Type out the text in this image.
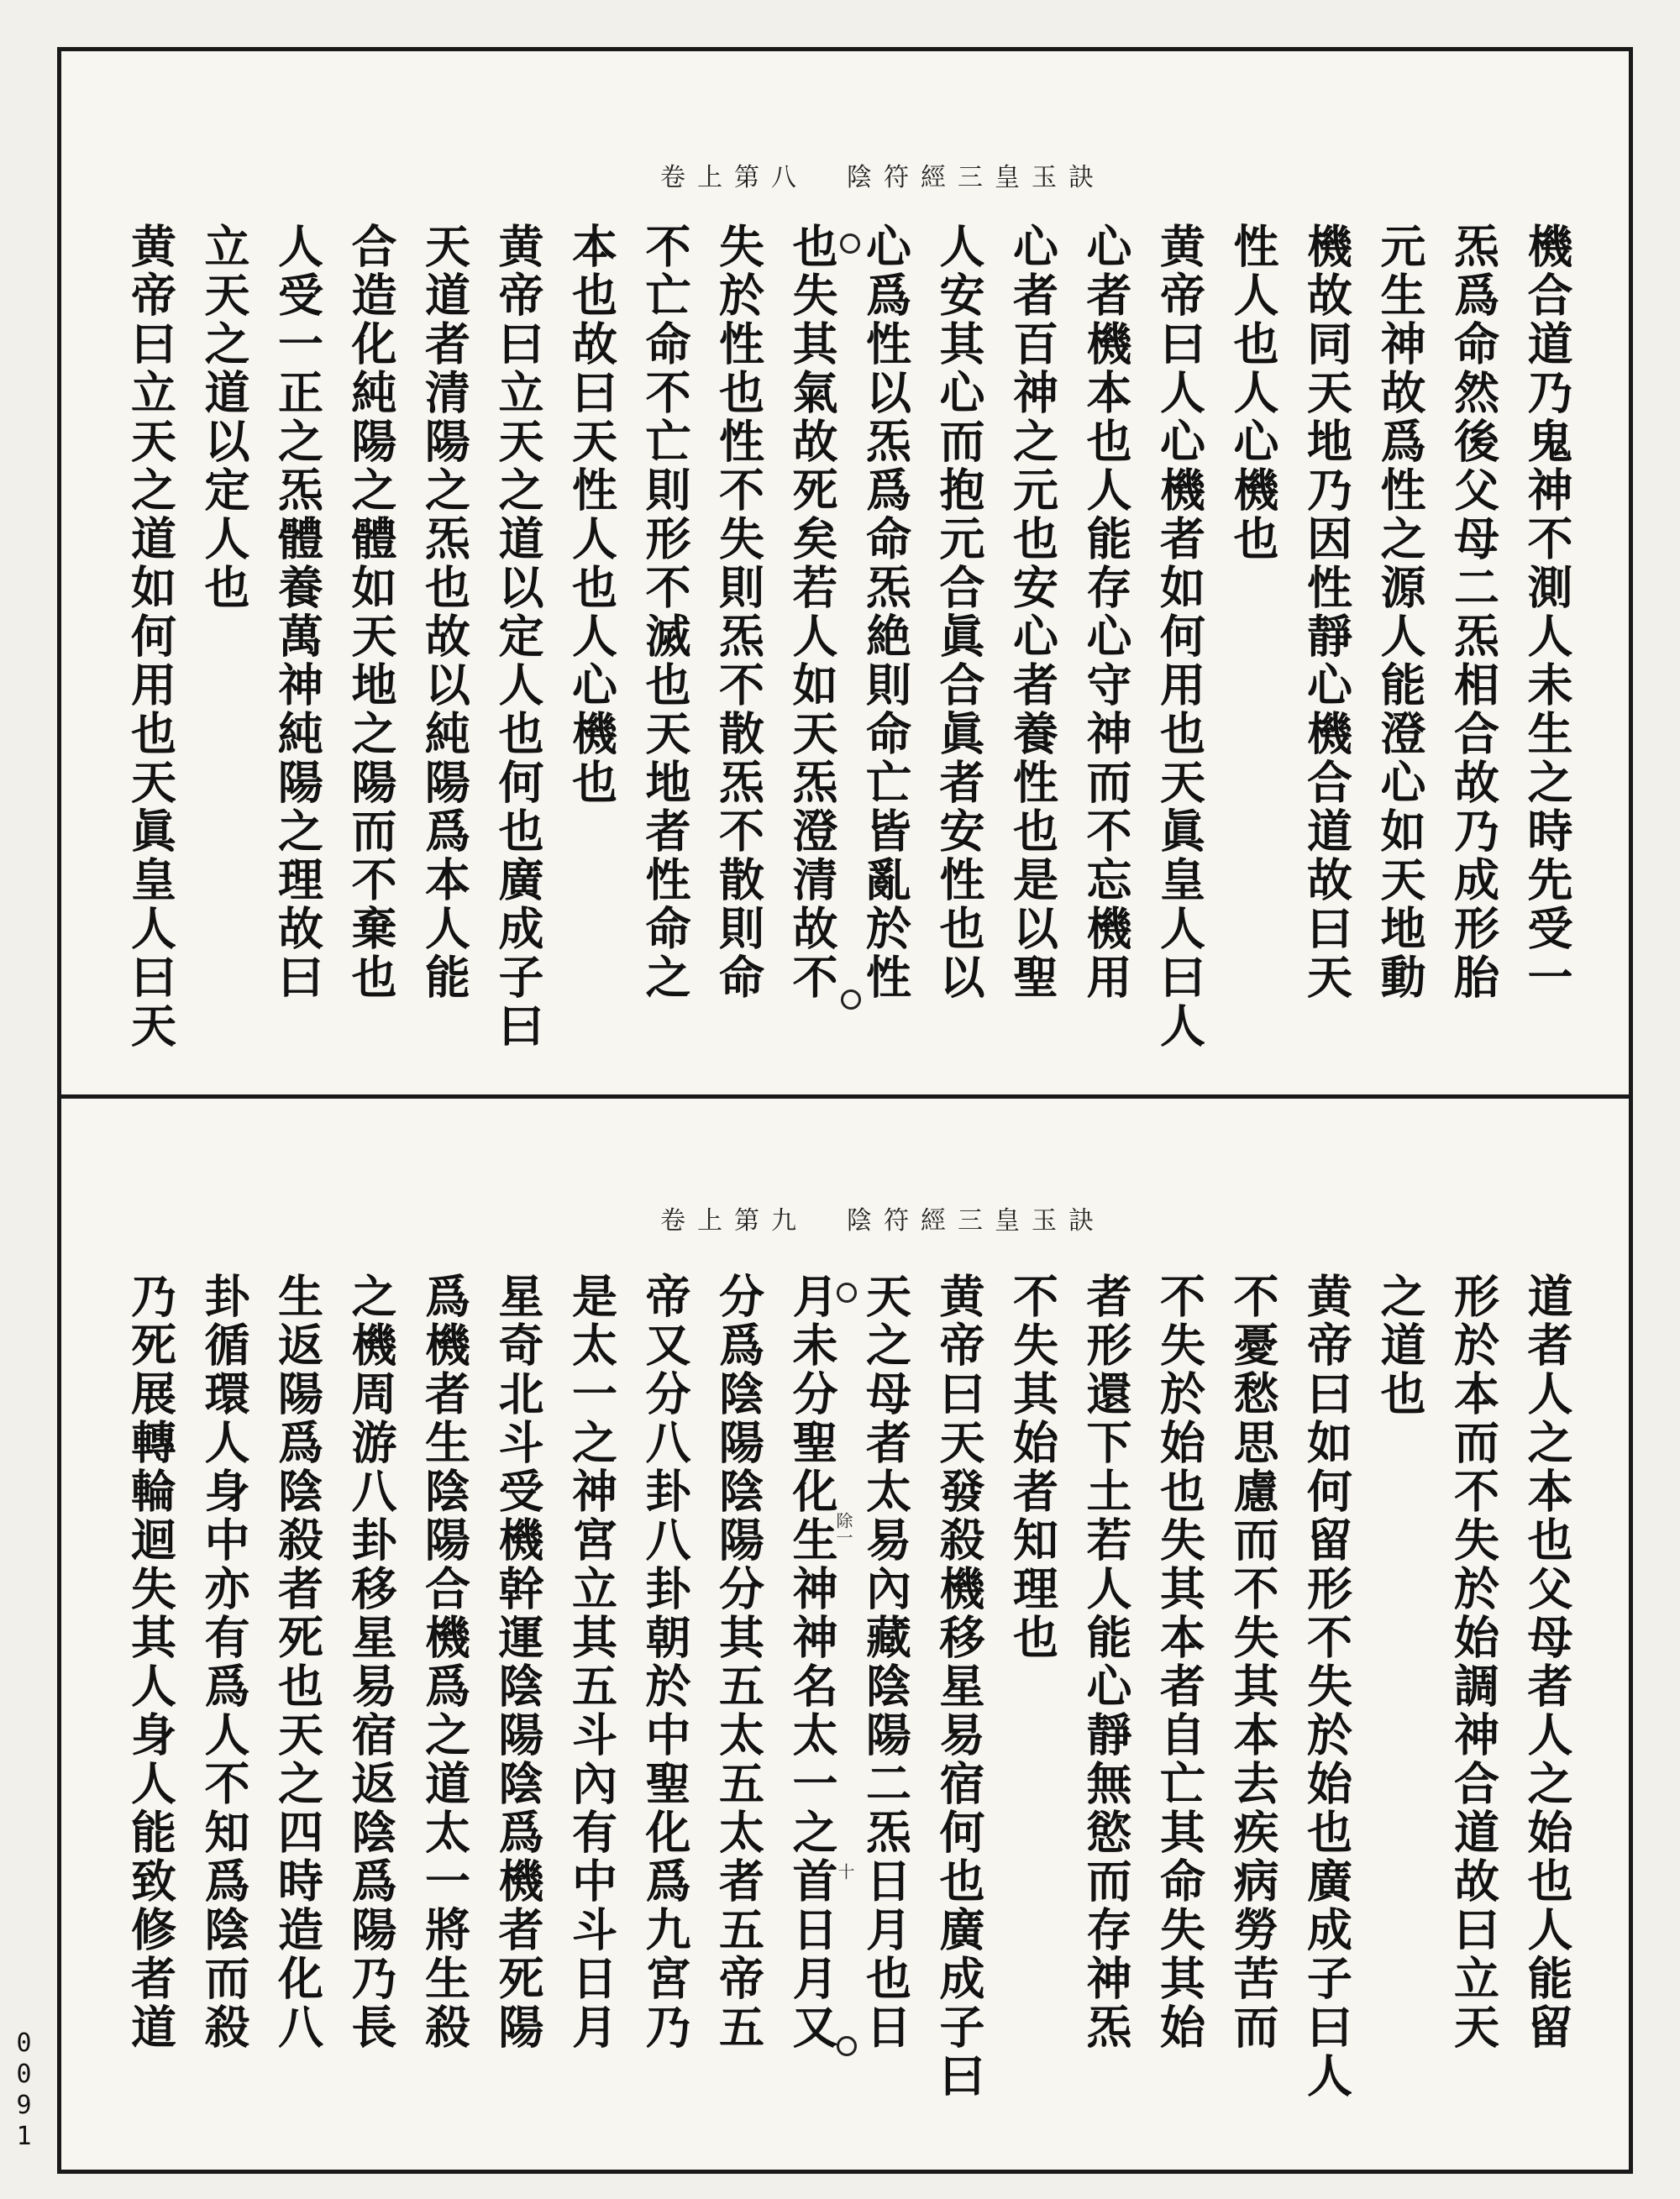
卷上第八 陰符經三皇玉訣
機合道乃鬼神不測人未生之時先受一
炁爲命然後父母二炁相合故乃成形胎
元生神故爲性之源人能澄心如天地動
機故同天地乃因性靜心機合道故曰天
性人也人心機也
黄帝曰人心機者如何用也天眞皇人曰人
心者機本也人能存心守神而不忘機用
心者百神之元也安心者養性也是以聖
人安其心而抱元合眞合眞者安性也以
心爲性以炁爲命炁絶則命亡皆亂於性
也失其氣故死矣若人如天炁澄清故不
失於性也性不失則炁不散炁不散則命
不亡命不亡則形不滅也天地者性命之
本也故曰天性人也人心機也
黄帝曰立天之道以定人也何也廣成子曰
天道者清陽之炁也故以純陽爲本人能
合造化純陽之體如天地之陽而不棄也
人受一正之炁體養萬神純陽之理故曰
立天之道以定人也
黄帝曰立天之道如何用也天眞皇人曰天
卷上第九 陰符經三皇玉訣
道者人之本也父母者人之始也人能留
形於本而不失於始調神合道故曰立天
之道也
黄帝曰如何留形不失於始也廣成子曰人
不憂愁思慮而不失其本去疾病勞苦而
不失於始也失其本者自亡其命失其始
者形還下土若人能心靜無慾而存神炁
不失其始者知理也
黄帝曰天發殺機移星易宿何也廣成子曰
天之母者太易內藏陰陽二炁日月也日
月未分聖化生神神名太一之首日月又
分爲陰陽陰陽分其五太五太者五帝五
帝又分八卦八卦朝於中聖化爲九宮乃
是太一之神宮立其五斗內有中斗日月
星奇北斗受機幹運陰陽陰爲機者死陽
爲機者生陰陽合機爲之道太一將生殺
之機周游八卦移星易宿返陰爲陽乃長
生返陽爲陰殺者死也天之四時造化八
卦循環人身中亦有爲人不知爲陰而殺
乃死展轉輪迴失其人身人能致修者道	除一
十
0091
